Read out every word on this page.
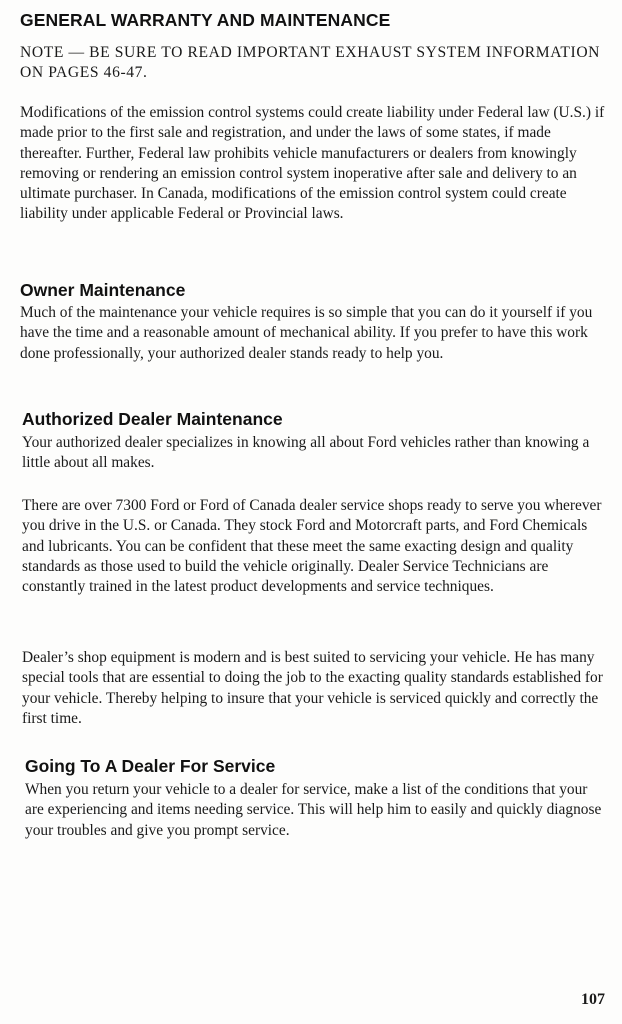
GENERAL WARRANTY AND MAINTENANCE

NOTE — BE SURE TO READ IMPORTANT EXHAUST SYSTEM INFORMATION ON PAGES 46-47.

Modifications of the emission control systems could create liability under Federal law (U.S.) if made prior to the first sale and registration, and under the laws of some states, if made thereafter. Further, Federal law prohibits vehicle manufacturers or dealers from knowingly removing or rendering an emission control system inoperative after sale and delivery to an ultimate purchaser. In Canada, modifications of the emission control system could create liability under applicable Federal or Provincial laws.

Owner Maintenance

Much of the maintenance your vehicle requires is so simple that you can do it yourself if you have the time and a reasonable amount of mechanical ability. If you prefer to have this work done professionally, your authorized dealer stands ready to help you.

Authorized Dealer Maintenance

Your authorized dealer specializes in knowing all about Ford vehicles rather than knowing a little about all makes.

There are over 7300 Ford or Ford of Canada dealer service shops ready to serve you wherever you drive in the U.S. or Canada. They stock Ford and Motorcraft parts, and Ford Chemicals and lubricants. You can be confident that these meet the same exacting design and quality standards as those used to build the vehicle originally. Dealer Service Technicians are constantly trained in the latest product developments and service techniques.

Dealer’s shop equipment is modern and is best suited to servicing your vehicle. He has many special tools that are essential to doing the job to the exacting quality standards established for your vehicle. Thereby helping to insure that your vehicle is serviced quickly and correctly the first time.

Going To A Dealer For Service

When you return your vehicle to a dealer for service, make a list of the conditions that your are experiencing and items needing service. This will help him to easily and quickly diagnose your troubles and give you prompt service.

107
